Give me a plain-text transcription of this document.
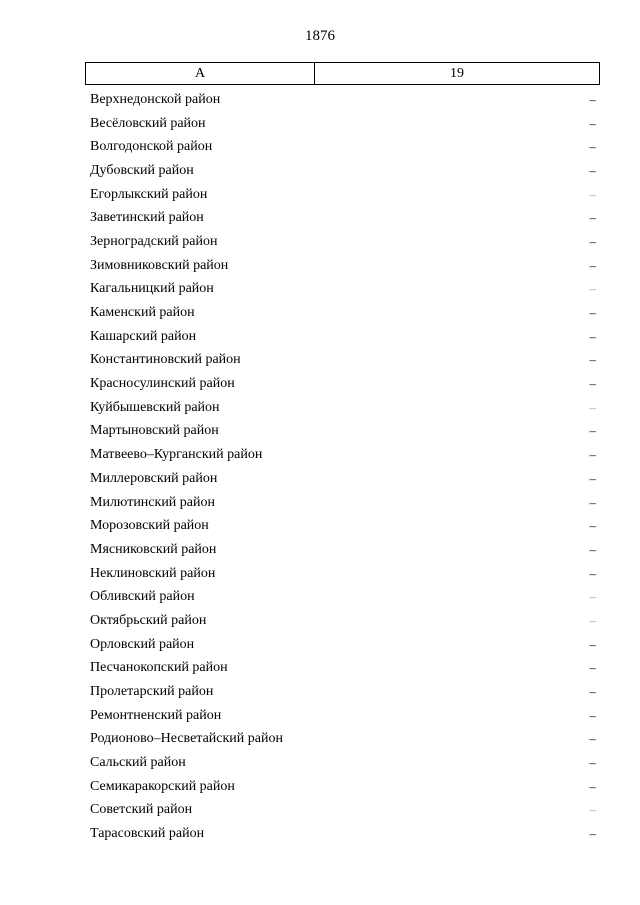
1876
А	19
Верхнедонской район	–
Весёловский район	–
Волгодонской район	–
Дубовский район	–
Егорлыкский район	–
Заветинский район	–
Зерноградский район	–
Зимовниковский район	–
Кагальницкий район	–
Каменский район	–
Кашарский район	–
Константиновский район	–
Красносулинский район	–
Куйбышевский район	–
Мартыновский район	–
Матвеево–Курганский район	–
Миллеровский район	–
Милютинский район	–
Морозовский район	–
Мясниковский район	–
Неклиновский район	–
Обливский район	–
Октябрьский район	–
Орловский район	–
Песчанокопский район	–
Пролетарский район	–
Ремонтненский район	–
Родионово–Несветайский район	–
Сальский район	–
Семикаракорский район	–
Советский район	–
Тарасовский район	–
